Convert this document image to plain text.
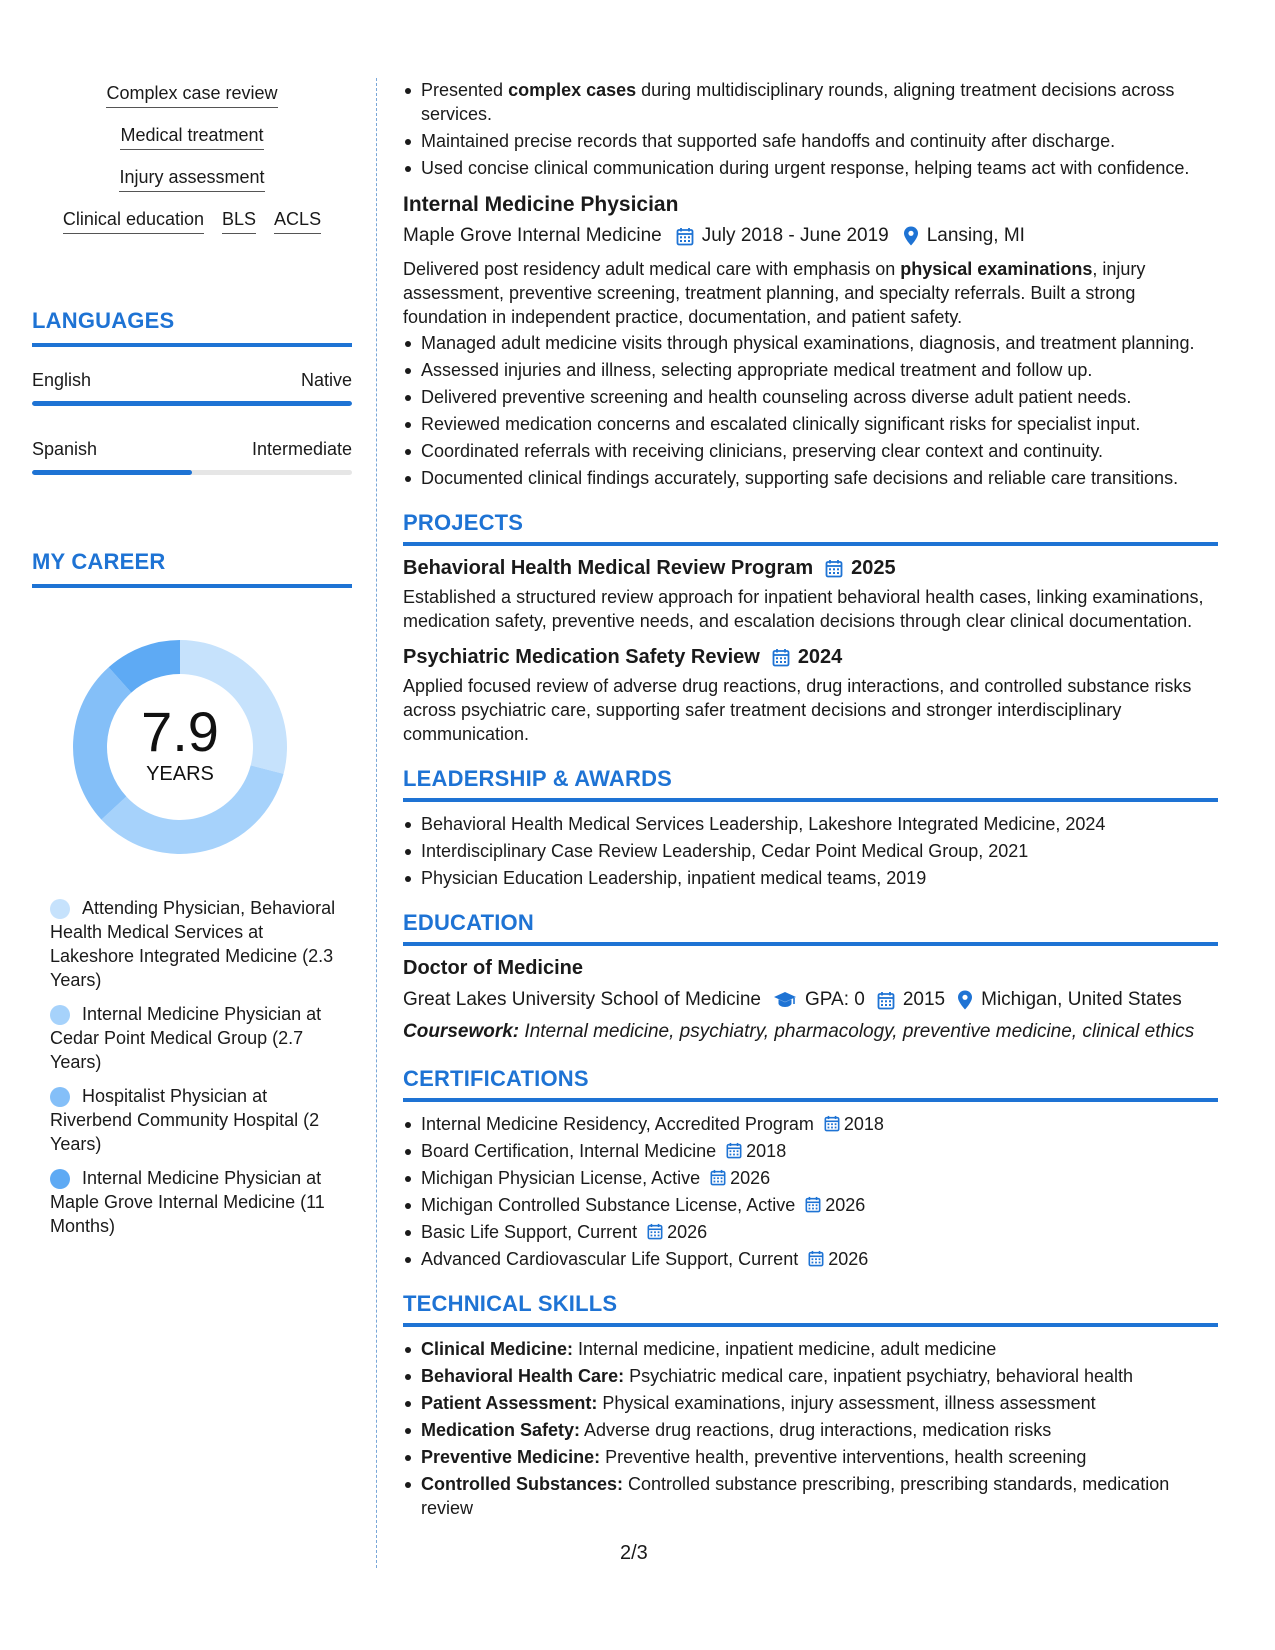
Complex case review
Medical treatment
Injury assessment
Clinical education BLS ACLS
LANGUAGES
English	Native
Spanish	Intermediate
MY CAREER
7.9
YEARS
Attending Physician, Behavioral Health Medical Services at Lakeshore Integrated Medicine (2.3 Years)
Internal Medicine Physician at Cedar Point Medical Group (2.7 Years)
Hospitalist Physician at Riverbend Community Hospital (2 Years)
Internal Medicine Physician at Maple Grove Internal Medicine (11 Months)
Presented complex cases during multidisciplinary rounds, aligning treatment decisions across services.
Maintained precise records that supported safe handoffs and continuity after discharge.
Used concise clinical communication during urgent response, helping teams act with confidence.
Internal Medicine Physician
Maple Grove Internal Medicine July 2018 - June 2019 Lansing, MI

Delivered post residency adult medical care with emphasis on physical examinations, injury assessment, preventive screening, treatment planning, and specialty referrals. Built a strong foundation in independent practice, documentation, and patient safety.

Managed adult medicine visits through physical examinations, diagnosis, and treatment planning.
Assessed injuries and illness, selecting appropriate medical treatment and follow up.
Delivered preventive screening and health counseling across diverse adult patient needs.
Reviewed medication concerns and escalated clinically significant risks for specialist input.
Coordinated referrals with receiving clinicians, preserving clear context and continuity.
Documented clinical findings accurately, supporting safe decisions and reliable care transitions.
PROJECTS
Behavioral Health Medical Review Program 2025

Established a structured review approach for inpatient behavioral health cases, linking examinations, medication safety, preventive needs, and escalation decisions through clear clinical documentation.

Psychiatric Medication Safety Review 2024

Applied focused review of adverse drug reactions, drug interactions, and controlled substance risks across psychiatric care, supporting safer treatment decisions and stronger interdisciplinary communication.

LEADERSHIP & AWARDS
Behavioral Health Medical Services Leadership, Lakeshore Integrated Medicine, 2024
Interdisciplinary Case Review Leadership, Cedar Point Medical Group, 2021
Physician Education Leadership, inpatient medical teams, 2019
EDUCATION
Doctor of Medicine
Great Lakes University School of Medicine GPA: 0 2015 Michigan, United States

Coursework: Internal medicine, psychiatry, pharmacology, preventive medicine, clinical ethics

CERTIFICATIONS
Internal Medicine Residency, Accredited Program 2018
Board Certification, Internal Medicine 2018
Michigan Physician License, Active 2026
Michigan Controlled Substance License, Active 2026
Basic Life Support, Current 2026
Advanced Cardiovascular Life Support, Current 2026
TECHNICAL SKILLS
Clinical Medicine: Internal medicine, inpatient medicine, adult medicine
Behavioral Health Care: Psychiatric medical care, inpatient psychiatry, behavioral health
Patient Assessment: Physical examinations, injury assessment, illness assessment
Medication Safety: Adverse drug reactions, drug interactions, medication risks
Preventive Medicine: Preventive health, preventive interventions, health screening
Controlled Substances: Controlled substance prescribing, prescribing standards, medication review
2/3
